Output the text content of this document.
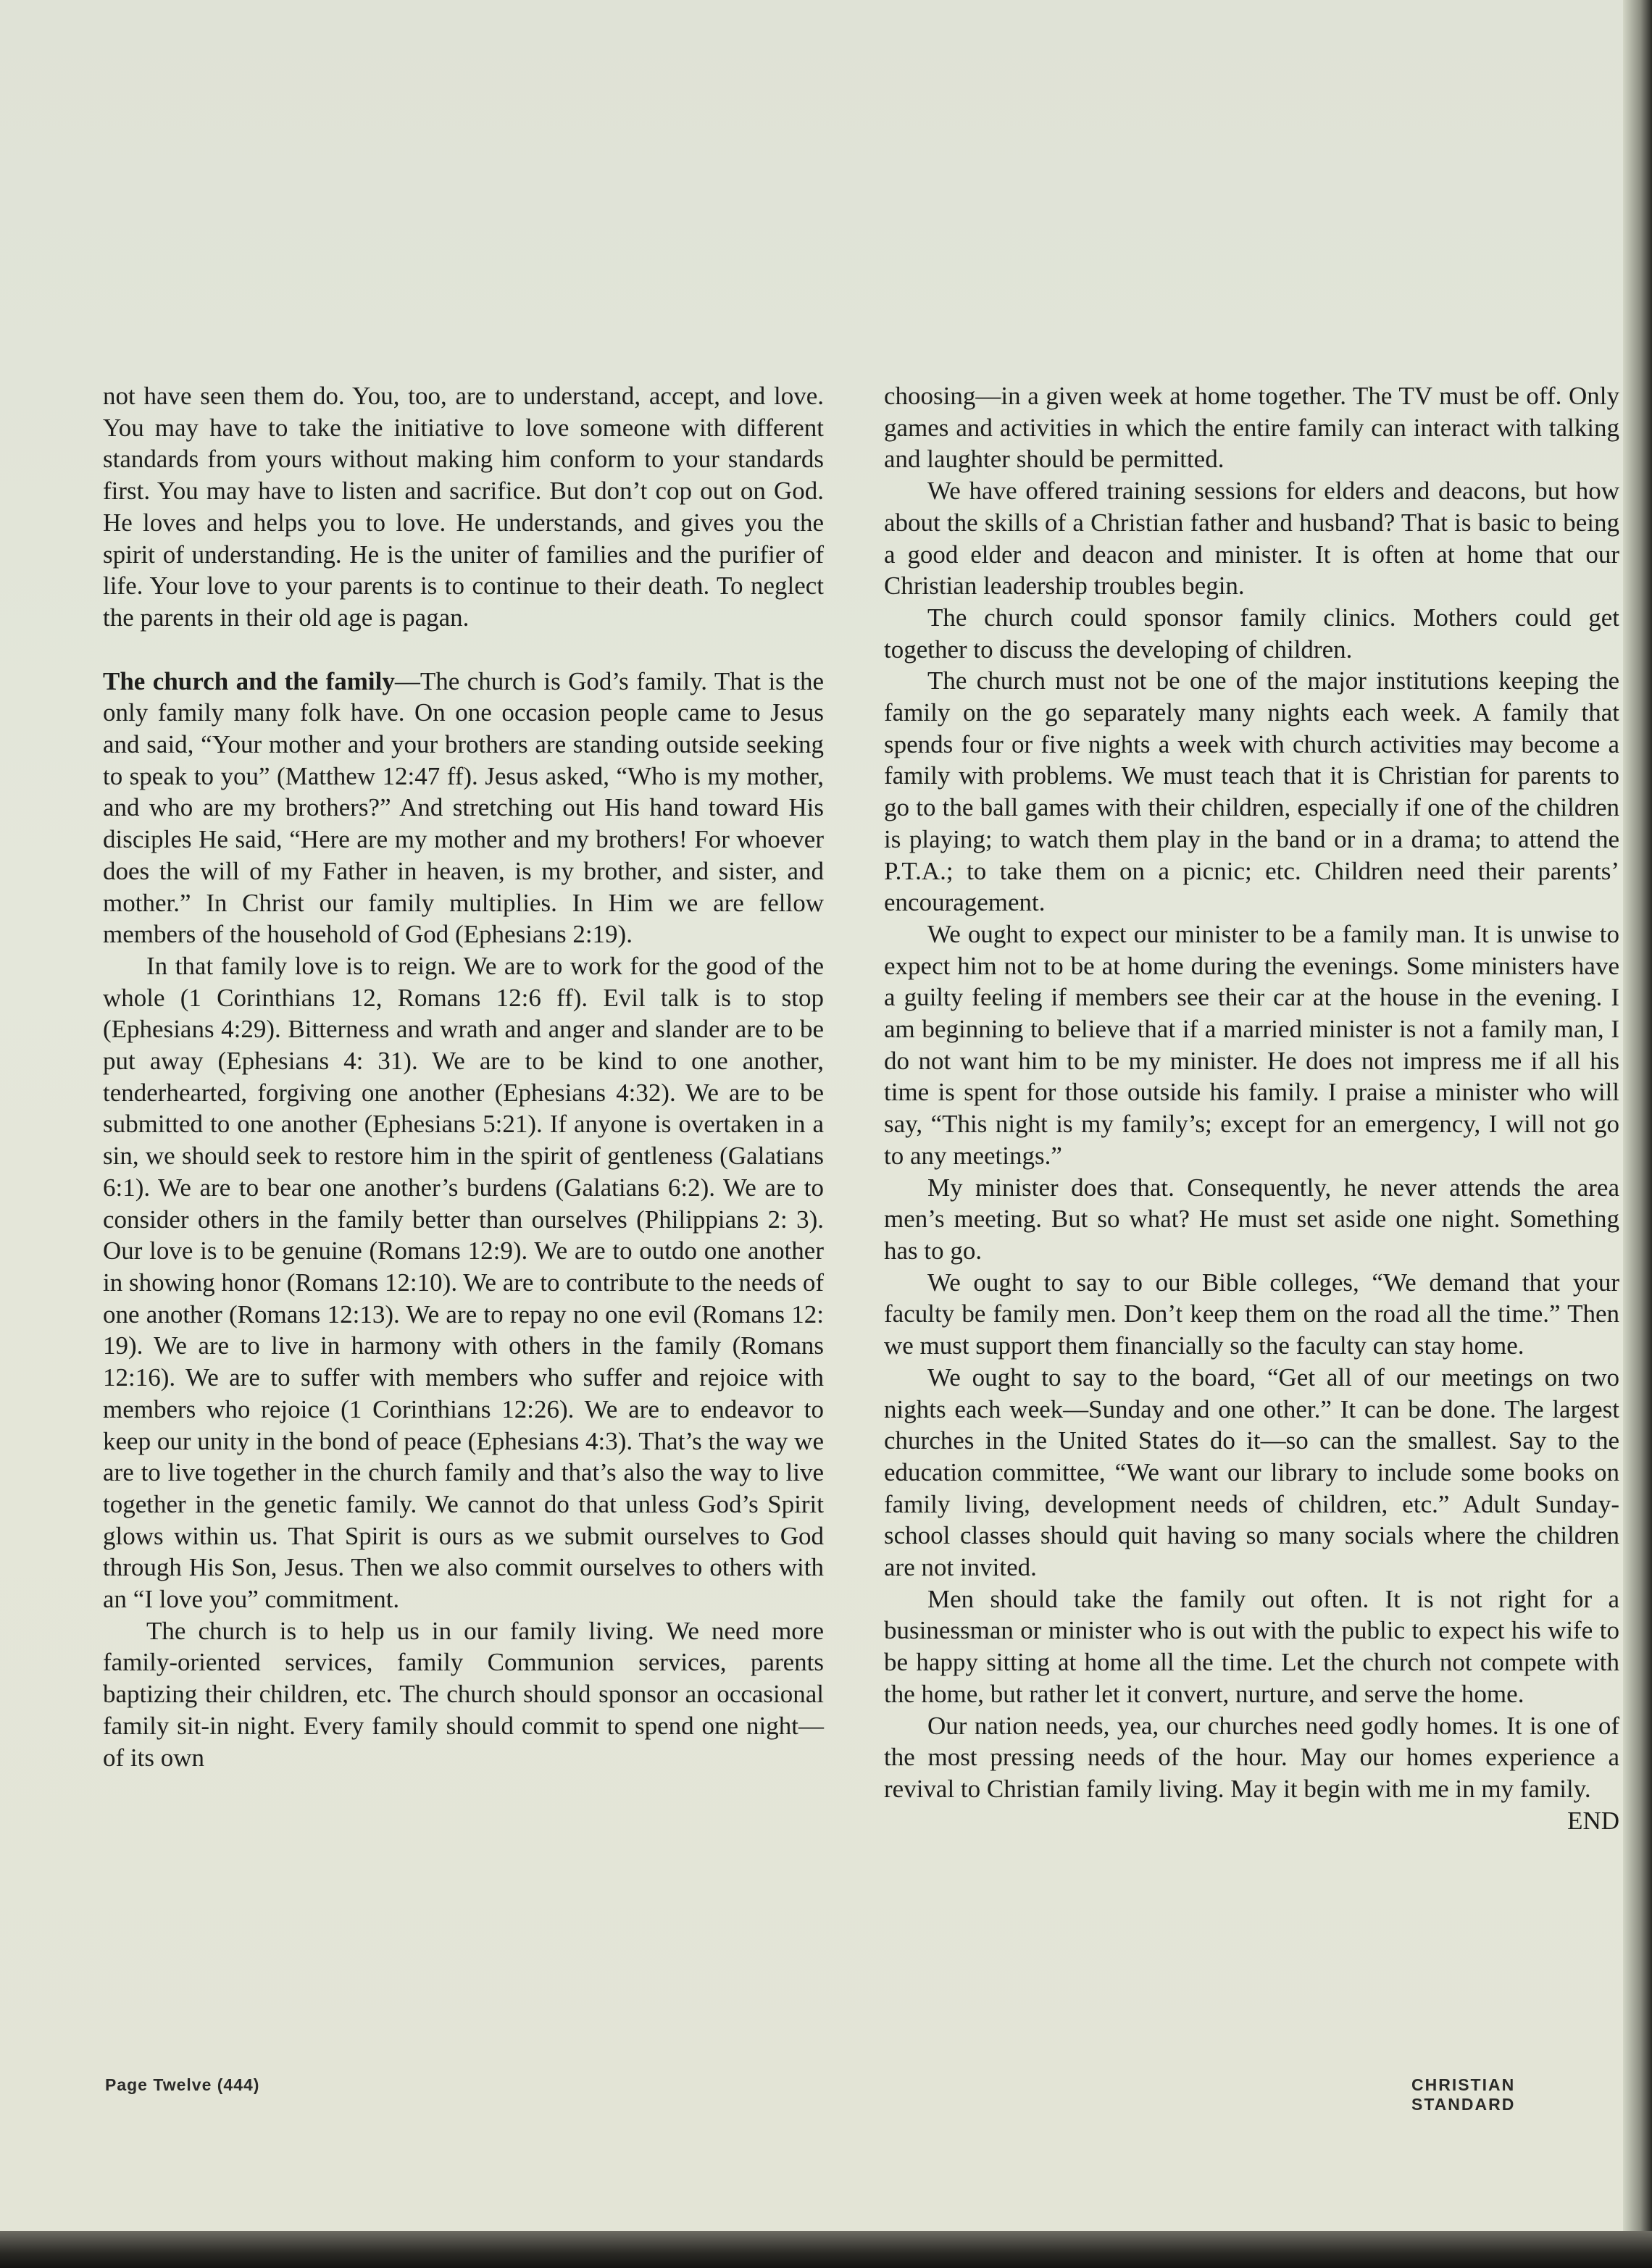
not have seen them do. You, too, are to understand, accept, and love. You may have to take the initiative to love someone with different standards from yours without making him conform to your standards first. You may have to listen and sacrifice. But don’t cop out on God. He loves and helps you to love. He understands, and gives you the spirit of understanding. He is the uniter of families and the purifier of life. Your love to your parents is to continue to their death. To neglect the parents in their old age is pagan.

The church and the family—The church is God’s family. That is the only family many folk have. On one occasion people came to Jesus and said, “Your mother and your brothers are standing outside seeking to speak to you” (Matthew 12:47 ff). Jesus asked, “Who is my mother, and who are my brothers?” And stretching out His hand toward His disciples He said, “Here are my mother and my brothers! For whoever does the will of my Father in heaven, is my brother, and sister, and mother.” In Christ our family multiplies. In Him we are fellow members of the household of God (Ephesians 2:19).

In that family love is to reign. We are to work for the good of the whole (1 Corinthians 12, Romans 12:6 ff). Evil talk is to stop (Ephesians 4:29). Bitterness and wrath and anger and slander are to be put away (Ephesians 4: 31). We are to be kind to one another, tenderhearted, forgiving one another (Ephesians 4:32). We are to be submitted to one another (Ephesians 5:21). If anyone is overtaken in a sin, we should seek to restore him in the spirit of gentleness (Galatians 6:1). We are to bear one another’s burdens (Galatians 6:2). We are to consider others in the family better than ourselves (Philippians 2: 3). Our love is to be genuine (Romans 12:9). We are to outdo one another in showing honor (Romans 12:10). We are to contribute to the needs of one another (Romans 12:13). We are to repay no one evil (Romans 12: 19). We are to live in harmony with others in the family (Romans 12:16). We are to suffer with members who suffer and rejoice with members who rejoice (1 Corinthians 12:26). We are to endeavor to keep our unity in the bond of peace (Ephesians 4:3). That’s the way we are to live together in the church family and that’s also the way to live together in the genetic family. We cannot do that unless God’s Spirit glows within us. That Spirit is ours as we submit ourselves to God through His Son, Jesus. Then we also commit ourselves to others with an “I love you” commitment.

The church is to help us in our family living. We need more family-oriented services, family Communion services, parents baptizing their children, etc. The church should sponsor an occasional family sit-in night. Every family should commit to spend one night—of its own

choosing—in a given week at home together. The TV must be off. Only games and activities in which the entire family can interact with talking and laughter should be permitted.

We have offered training sessions for elders and deacons, but how about the skills of a Christian father and husband? That is basic to being a good elder and deacon and minister. It is often at home that our Christian leadership troubles begin.

The church could sponsor family clinics. Mothers could get together to discuss the developing of children.

The church must not be one of the major institutions keeping the family on the go separately many nights each week. A family that spends four or five nights a week with church activities may become a family with problems. We must teach that it is Christian for parents to go to the ball games with their children, especially if one of the children is playing; to watch them play in the band or in a drama; to attend the P.T.A.; to take them on a picnic; etc. Children need their parents’ encouragement.

We ought to expect our minister to be a family man. It is unwise to expect him not to be at home during the evenings. Some ministers have a guilty feeling if members see their car at the house in the evening. I am beginning to believe that if a married minister is not a family man, I do not want him to be my minister. He does not impress me if all his time is spent for those outside his family. I praise a minister who will say, “This night is my family’s; except for an emergency, I will not go to any meetings.”

My minister does that. Consequently, he never attends the area men’s meeting. But so what? He must set aside one night. Something has to go.

We ought to say to our Bible colleges, “We demand that your faculty be family men. Don’t keep them on the road all the time.” Then we must support them financially so the faculty can stay home.

We ought to say to the board, “Get all of our meetings on two nights each week—Sunday and one other.” It can be done. The largest churches in the United States do it—so can the smallest. Say to the education committee, “We want our library to include some books on family living, development needs of children, etc.” Adult Sunday-school classes should quit having so many socials where the children are not invited.

Men should take the family out often. It is not right for a businessman or minister who is out with the public to expect his wife to be happy sitting at home all the time. Let the church not compete with the home, but rather let it convert, nurture, and serve the home.

Our nation needs, yea, our churches need godly homes. It is one of the most pressing needs of the hour. May our homes experience a revival to Christian family living. May it begin with me in my family.
END

Page Twelve (444)	CHRISTIAN STANDARD
